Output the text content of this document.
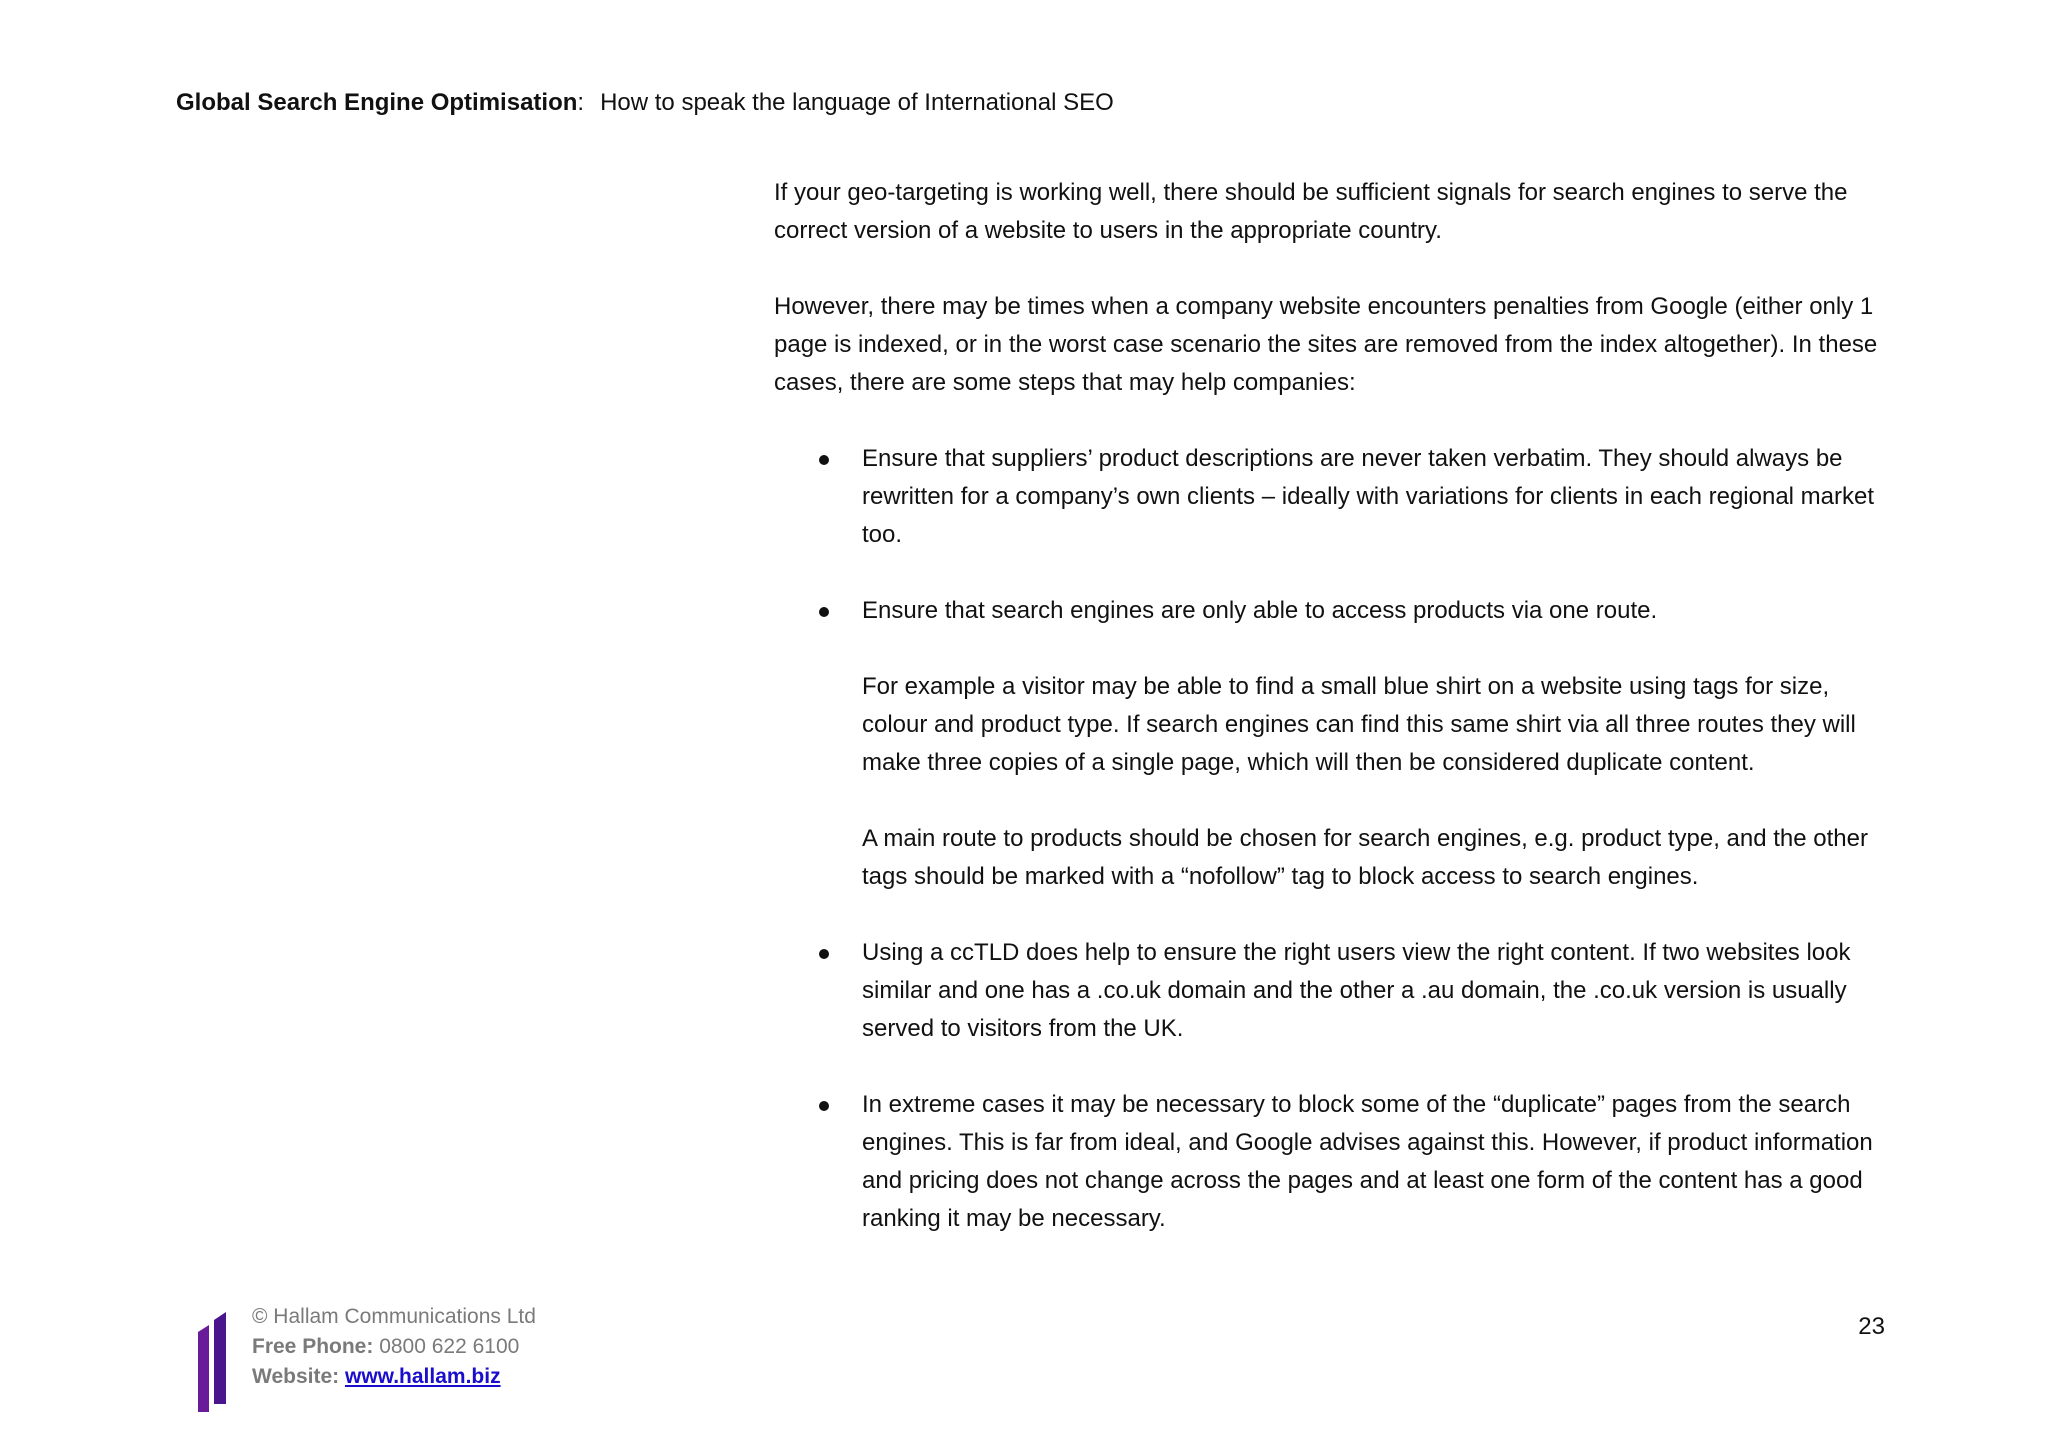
Global Search Engine Optimisation: How to speak the language of International SEO

If your geo-targeting is working well, there should be sufficient signals for search engines to serve the correct version of a website to users in the appropriate country.

However, there may be times when a company website encounters penalties from Google (either only 1 page is indexed, or in the worst case scenario the sites are removed from the index altogether). In these cases, there are some steps that may help companies:

Ensure that suppliers’ product descriptions are never taken verbatim. They should always be rewritten for a company’s own clients – ideally with variations for clients in each regional market too.
Ensure that search engines are only able to access products via one route.
For example a visitor may be able to find a small blue shirt on a website using tags for size, colour and product type. If search engines can find this same shirt via all three routes they will make three copies of a single page, which will then be considered duplicate content.
A main route to products should be chosen for search engines, e.g. product type, and the other tags should be marked with a “nofollow” tag to block access to search engines.
Using a ccTLD does help to ensure the right users view the right content. If two websites look similar and one has a .co.uk domain and the other a .au domain, the .co.uk version is usually served to visitors from the UK.
In extreme cases it may be necessary to block some of the “duplicate” pages from the search engines. This is far from ideal, and Google advises against this. However, if product information and pricing does not change across the pages and at least one form of the content has a good ranking it may be necessary.
© Hallam Communications Ltd
Free Phone: 0800 622 6100
Website: www.hallam.biz
23
